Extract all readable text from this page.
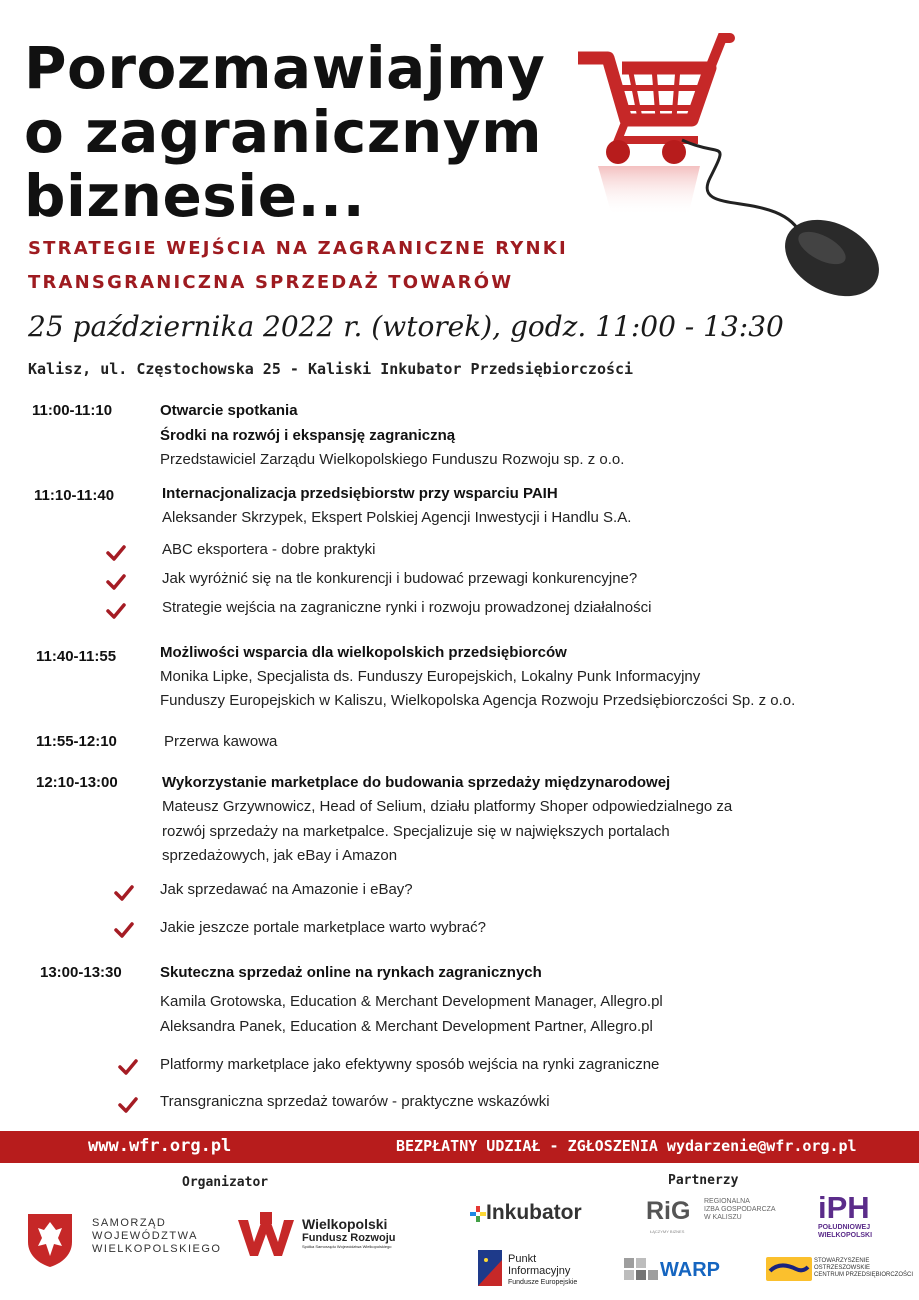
Porozmawiajmy
o zagranicznym
biznesie...
STRATEGIE WEJŚCIA NA ZAGRANICZNE RYNKI
TRANSGRANICZNA SPRZEDAŻ TOWARÓW
25 października 2022 r. (wtorek), godz. 11:00 - 13:30
Kalisz, ul. Częstochowska 25 - Kaliski Inkubator Przedsiębiorczości
11:00-11:10	Otwarcie spotkania
Środki na rozwój i ekspansję zagraniczną
Przedstawiciel Zarządu Wielkopolskiego Funduszu Rozwoju sp. z o.o.
11:10-11:40	Internacjonalizacja przedsiębiorstw przy wsparciu PAIH
Aleksander Skrzypek, Ekspert Polskiej Agencji Inwestycji i Handlu S.A.
ABC eksportera - dobre praktyki
Jak wyróżnić się na tle konkurencji i budować przewagi konkurencyjne?
Strategie wejścia na zagraniczne rynki i rozwoju prowadzonej działalności
11:40-11:55	Możliwości wsparcia dla wielkopolskich przedsiębiorców
Monika Lipke, Specjalista ds. Funduszy Europejskich, Lokalny Punk Informacyjny
Funduszy Europejskich w Kaliszu, Wielkopolska Agencja Rozwoju Przedsiębiorczości Sp. z o.o.
11:55-12:10	Przerwa kawowa
12:10-13:00	Wykorzystanie marketplace do budowania sprzedaży międzynarodowej
Mateusz Grzywnowicz, Head of Selium, działu platformy Shoper odpowiedzialnego za
rozwój sprzedaży na marketpalce. Specjalizuje się w największych portalach
sprzedażowych, jak eBay i Amazon
Jak sprzedawać na Amazonie i eBay?
Jakie jeszcze portale marketplace warto wybrać?
13:00-13:30	Skuteczna sprzedaż online na rynkach zagranicznych
Kamila Grotowska, Education & Merchant Development Manager, Allegro.pl
Aleksandra Panek, Education & Merchant Development Partner, Allegro.pl
Platformy marketplace jako efektywny sposób wejścia na rynki zagraniczne
Transgraniczna sprzedaż towarów - praktyczne wskazówki
www.wfr.org.pl	BEZPŁATNY UDZIAŁ - ZGŁOSZENIA wydarzenie@wfr.org.pl
Organizator	Partnerzy
SAMORZĄD
WOJEWÓDZTWA
WIELKOPOLSKIEGO
Wielkopolski
Fundusz Rozwoju
Spółka Samorządu Województwa Wielkopolskiego
Inkubator	RiG REGIONALNA
IZBA GOSPODARCZA
W KALISZU
ŁĄCZYMY BIZNES
iPH
POŁUDNIOWEJ
WIELKOPOLSKI
Punkt
Informacyjny
Fundusze Europejskie
WARP	STOWARZYSZENIE
OSTRZESZOWSKIE
CENTRUM PRZEDSIĘBIORCZOŚCI
